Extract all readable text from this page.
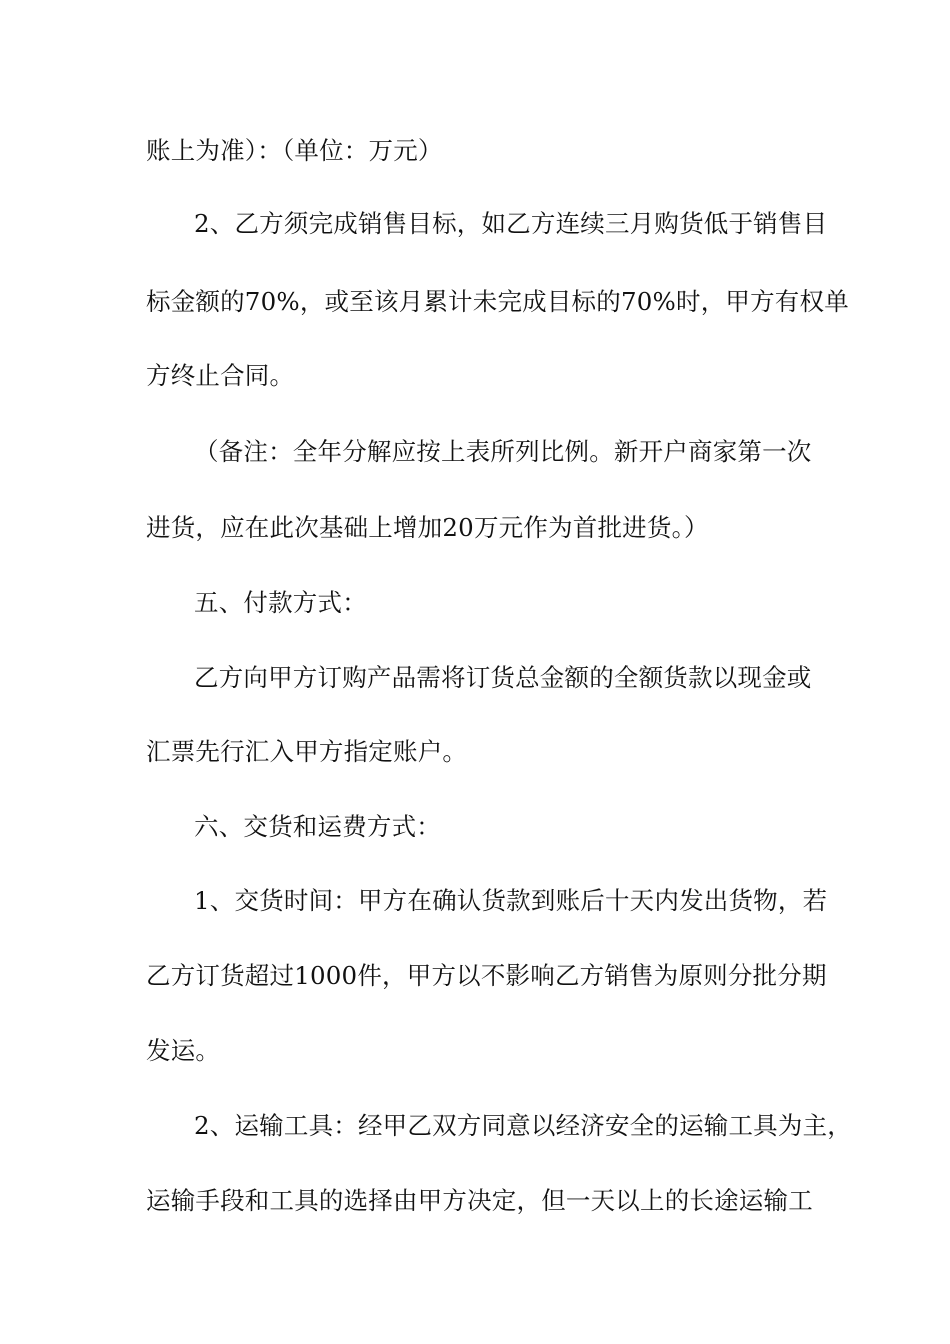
账上为准）：（单位：万元）
2、乙方须完成销售目标，如乙方连续三月购货低于销售目
标金额的70%，或至该月累计未完成目标的70%时，甲方有权单
方终止合同。
（备注：全年分解应按上表所列比例。新开户商家第一次
进货，应在此次基础上增加20万元作为首批进货。）
五、付款方式：
乙方向甲方订购产品需将订货总金额的全额货款以现金或
汇票先行汇入甲方指定账户。
六、交货和运费方式：
1、交货时间：甲方在确认货款到账后十天内发出货物，若
乙方订货超过1000件，甲方以不影响乙方销售为原则分批分期
发运。
2、运输工具：经甲乙双方同意以经济安全的运输工具为主，
运输手段和工具的选择由甲方决定，但一天以上的长途运输工
